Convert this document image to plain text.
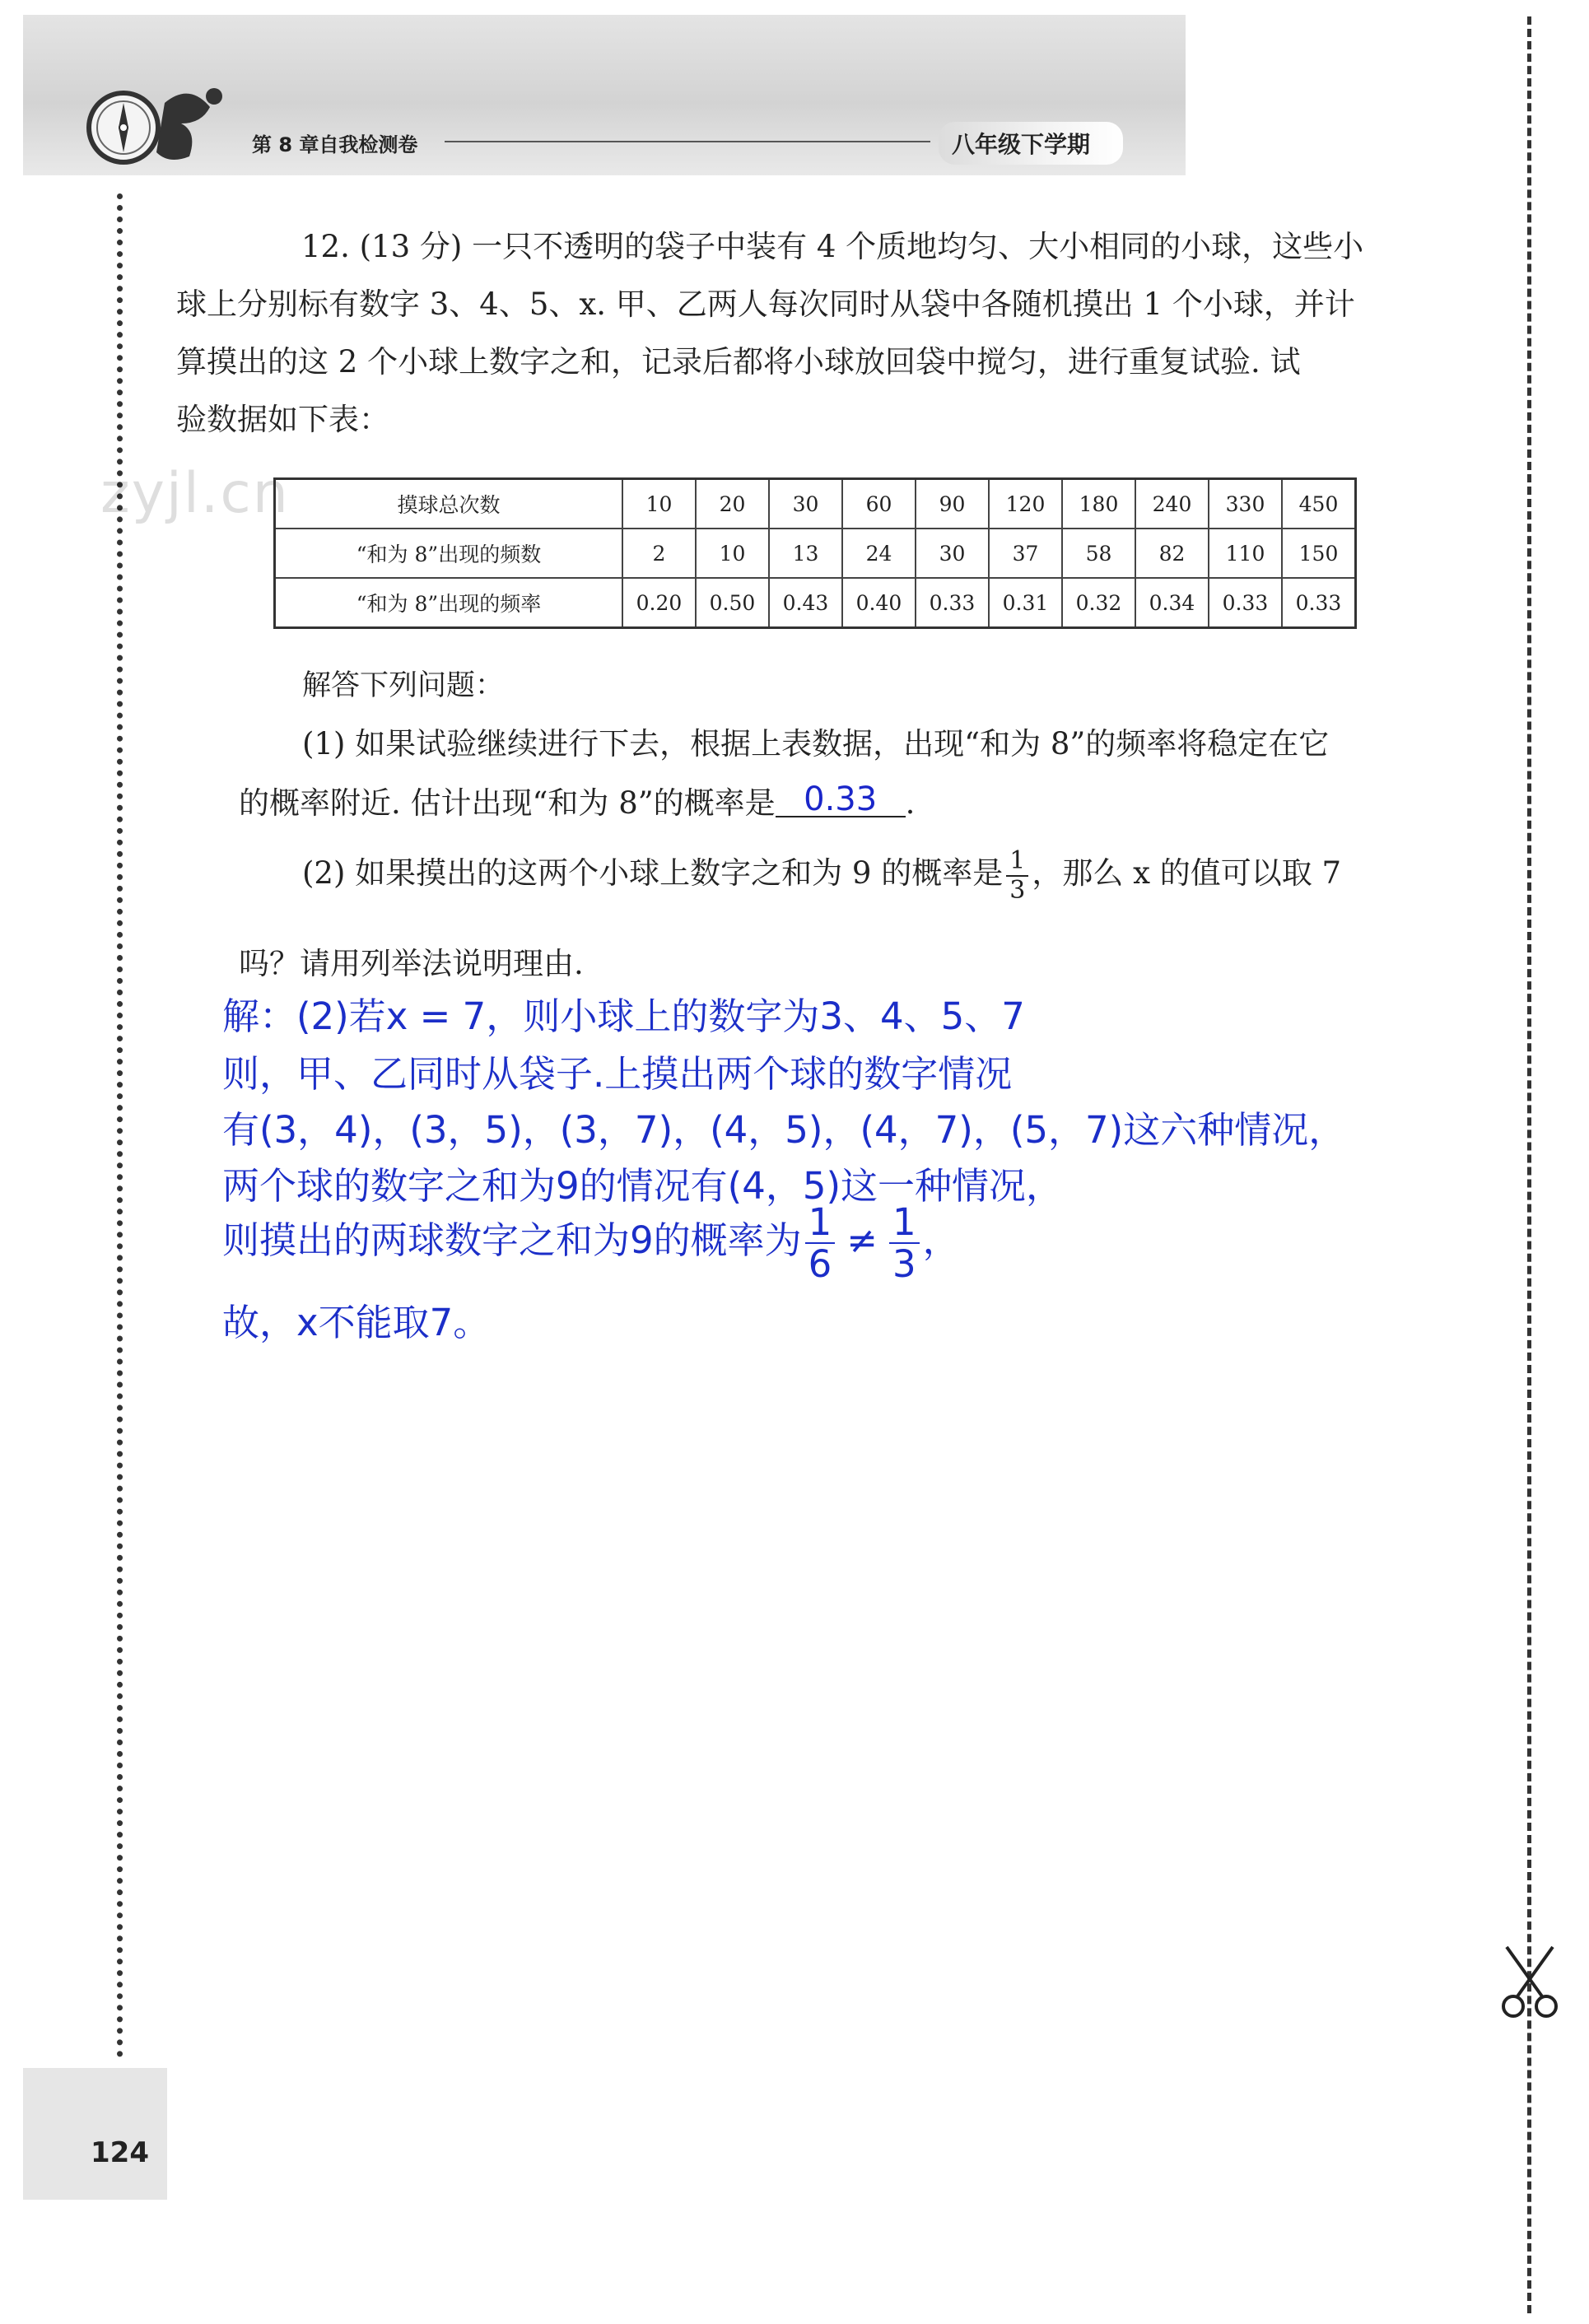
第 8 章自我检测卷	八年级下学期
zyjl.cn

12. (13 分) 一只不透明的袋子中装有 4 个质地均匀、大小相同的小球，这些小

球上分别标有数字 3、4、5、x. 甲、乙两人每次同时从袋中各随机摸出 1 个小球，并计

算摸出的这 2 个小球上数字之和，记录后都将小球放回袋中搅匀，进行重复试验. 试

验数据如下表：

摸球总次数	10	20	30	60	90	120	180	240	330	450
“和为 8”出现的频数	2	10	13	24	30	37	58	82	110	150
“和为 8”出现的频率	0.20	0.50	0.43	0.40	0.33	0.31	0.32	0.34	0.33	0.33
解答下列问题：
(1) 如果试验继续进行下去，根据上表数据，出现“和为 8”的频率将稳定在它
的概率附近. 估计出现“和为 8”的概率是 0.33 .
(2) 如果摸出的这两个小球上数字之和为 9 的概率是 $\frac{1}{3}$ ，那么 x 的值可以取 7
吗？请用列举法说明理由.
解：(2)若x = 7，则小球上的数字为3、4、5、7
则，甲、乙同时从袋子.上摸出两个球的数字情况
有(3，4)，(3，5)，(3，7)，(4，5)，(4，7)，(5，7)这六种情况，
两个球的数字之和为9的情况有(4，5)这一种情况，
则摸出的两球数字之和为9的概率为 $\frac{1}{6} \ne \frac{1}{3}$ ，
故，x不能取7。
124
